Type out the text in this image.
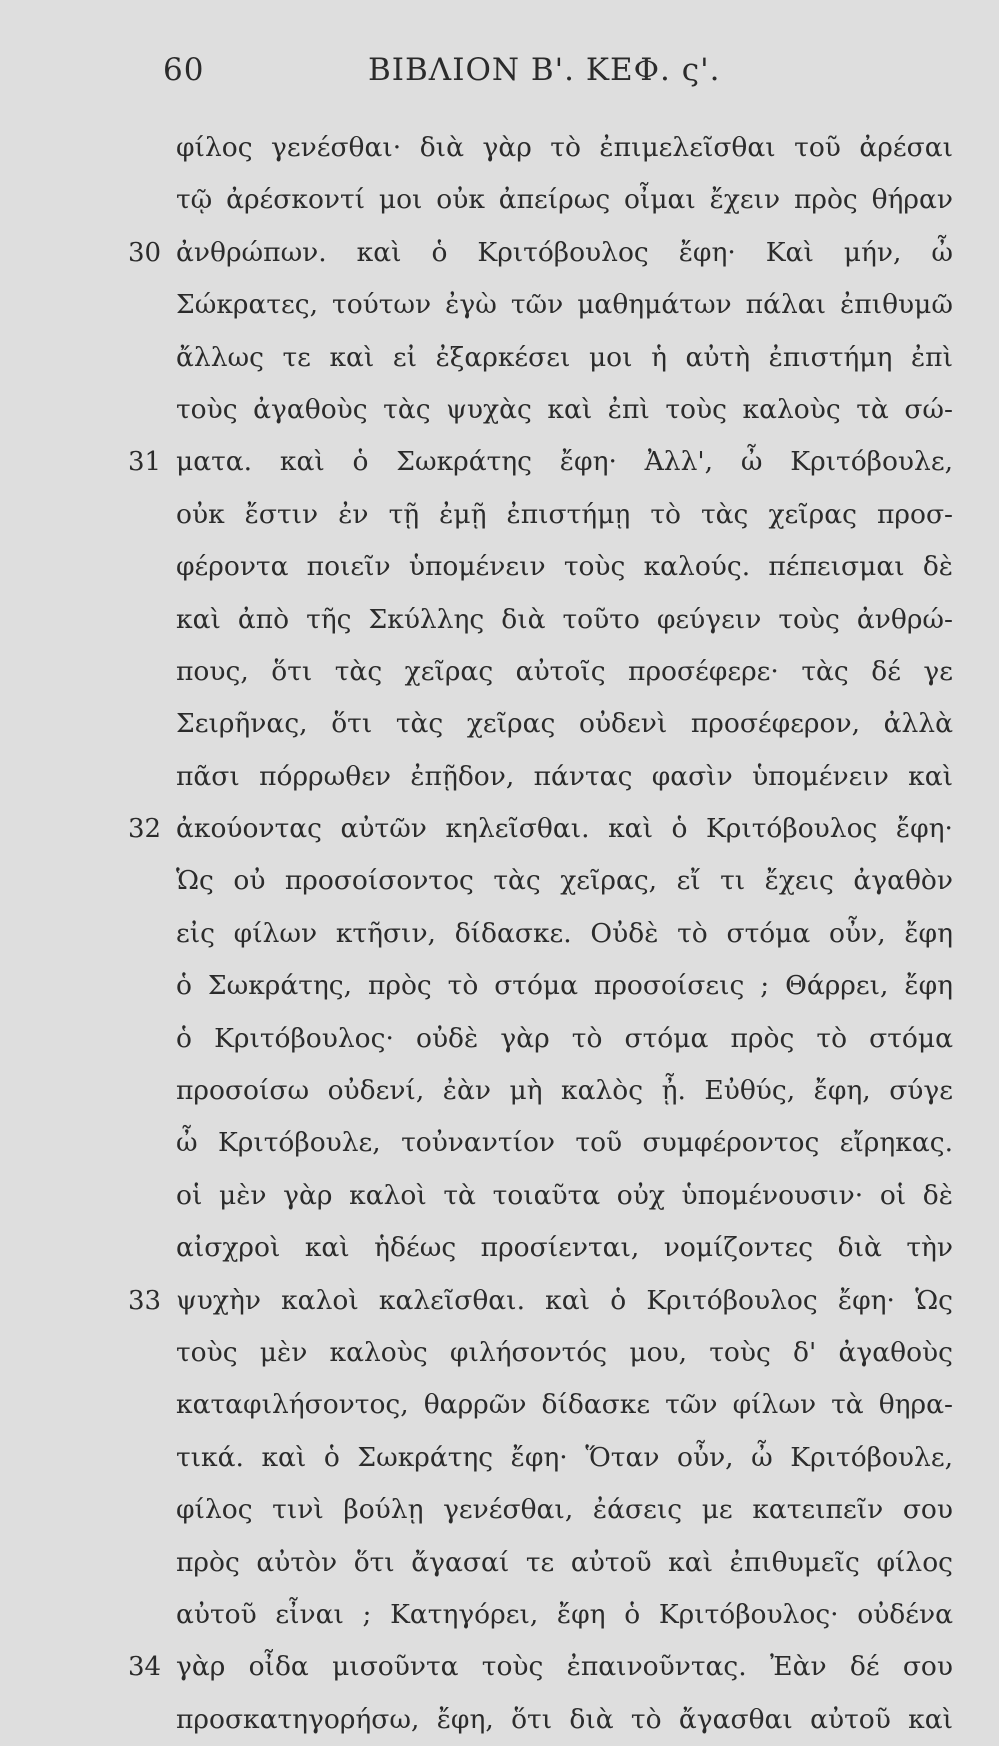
60	ΒΙΒΛΙΟΝ Β'. ΚΕΦ. ς'.
φίλος γενέσθαι· διὰ γὰρ τὸ ἐπιμελεῖσθαι τοῦ ἀρέσαι
τῷ ἀρέσκοντί μοι οὐκ ἀπείρως οἶμαι ἔχειν πρὸς θήραν
30 ἀνθρώπων. καὶ ὁ Κριτόβουλος ἔφη· Καὶ μήν, ὦ
Σώκρατες, τούτων ἐγὼ τῶν μαθημάτων πάλαι ἐπιθυμῶ
ἄλλως τε καὶ εἰ ἐξαρκέσει μοι ἡ αὐτὴ ἐπιστήμη ἐπὶ
τοὺς ἀγαθοὺς τὰς ψυχὰς καὶ ἐπὶ τοὺς καλοὺς τὰ σώ-
31 ματα. καὶ ὁ Σωκράτης ἔφη· Ἀλλ', ὦ Κριτόβουλε,
οὐκ ἔστιν ἐν τῇ ἐμῇ ἐπιστήμῃ τὸ τὰς χεῖρας προσ-
φέροντα ποιεῖν ὑπομένειν τοὺς καλούς. πέπεισμαι δὲ
καὶ ἀπὸ τῆς Σκύλλης διὰ τοῦτο φεύγειν τοὺς ἀνθρώ-
πους, ὅτι τὰς χεῖρας αὐτοῖς προσέφερε· τὰς δέ γε
Σειρῆνας, ὅτι τὰς χεῖρας οὐδενὶ προσέφερον, ἀλλὰ
πᾶσι πόρρωθεν ἐπῇδον, πάντας φασὶν ὑπομένειν καὶ
32 ἀκούοντας αὐτῶν κηλεῖσθαι. καὶ ὁ Κριτόβουλος ἔφη·
Ὡς οὐ προσοίσοντος τὰς χεῖρας, εἴ τι ἔχεις ἀγαθὸν
εἰς φίλων κτῆσιν, δίδασκε. Οὐδὲ τὸ στόμα οὖν, ἔφη
ὁ Σωκράτης, πρὸς τὸ στόμα προσοίσεις ; Θάρρει, ἔφη
ὁ Κριτόβουλος· οὐδὲ γὰρ τὸ στόμα πρὸς τὸ στόμα
προσοίσω οὐδενί, ἐὰν μὴ καλὸς ᾖ. Εὐθύς, ἔφη, σύγε
ὦ Κριτόβουλε, τοὐναντίον τοῦ συμφέροντος εἴρηκας.
οἱ μὲν γὰρ καλοὶ τὰ τοιαῦτα οὐχ ὑπομένουσιν· οἱ δὲ
αἰσχροὶ καὶ ἡδέως προσίενται, νομίζοντες διὰ τὴν
33 ψυχὴν καλοὶ καλεῖσθαι. καὶ ὁ Κριτόβουλος ἔφη· Ὡς
τοὺς μὲν καλοὺς φιλήσοντός μου, τοὺς δ' ἀγαθοὺς
καταφιλήσοντος, θαρρῶν δίδασκε τῶν φίλων τὰ θηρα-
τικά. καὶ ὁ Σωκράτης ἔφη· Ὅταν οὖν, ὦ Κριτόβουλε,
φίλος τινὶ βούλῃ γενέσθαι, ἐάσεις με κατειπεῖν σου
πρὸς αὐτὸν ὅτι ἄγασαί τε αὐτοῦ καὶ ἐπιθυμεῖς φίλος
αὐτοῦ εἶναι ; Κατηγόρει, ἔφη ὁ Κριτόβουλος· οὐδένα
34 γὰρ οἶδα μισοῦντα τοὺς ἐπαινοῦντας. Ἐὰν δέ σου
προσκατηγορήσω, ἔφη, ὅτι διὰ τὸ ἄγασθαι αὐτοῦ καὶ
